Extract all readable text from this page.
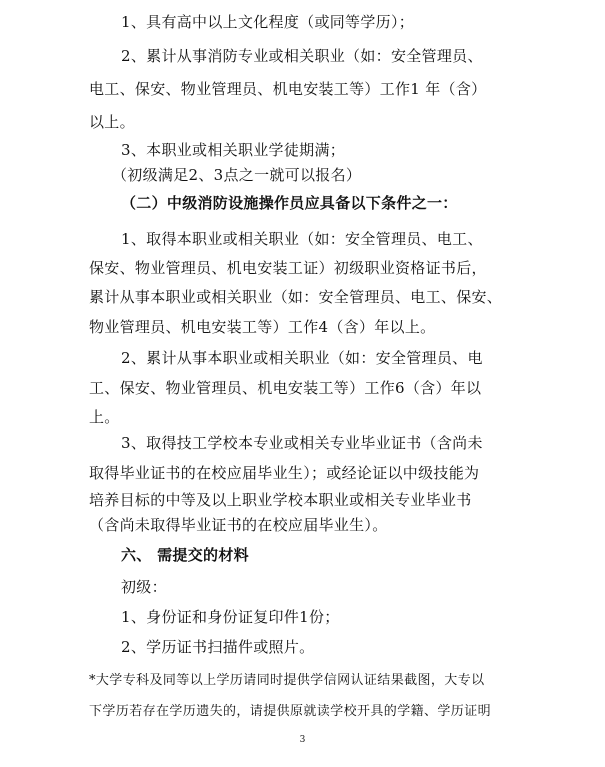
1、具有高中以上文化程度（或同等学历）；
2、累计从事消防专业或相关职业（如：安全管理员、
电工、保安、物业管理员、机电安装工等）工作1 年（含）
以上。
3、本职业或相关职业学徒期满；
（初级满足2、3点之一就可以报名）
（二）中级消防设施操作员应具备以下条件之一：
1、取得本职业或相关职业（如：安全管理员、电工、
保安、物业管理员、机电安装工证）初级职业资格证书后，
累计从事本职业或相关职业（如：安全管理员、电工、保安、
物业管理员、机电安装工等）工作4（含）年以上。
2、累计从事本职业或相关职业（如：安全管理员、电
工、保安、物业管理员、机电安装工等）工作6（含）年以
上。
3、取得技工学校本专业或相关专业毕业证书（含尚未
取得毕业证书的在校应届毕业生）；或经论证以中级技能为
培养目标的中等及以上职业学校本职业或相关专业毕业书
（含尚未取得毕业证书的在校应届毕业生）。
六、 需提交的材料
初级：
1、身份证和身份证复印件1份；
2、学历证书扫描件或照片。
*大学专科及同等以上学历请同时提供学信网认证结果截图，大专以
下学历若存在学历遗失的，请提供原就读学校开具的学籍、学历证明
3
